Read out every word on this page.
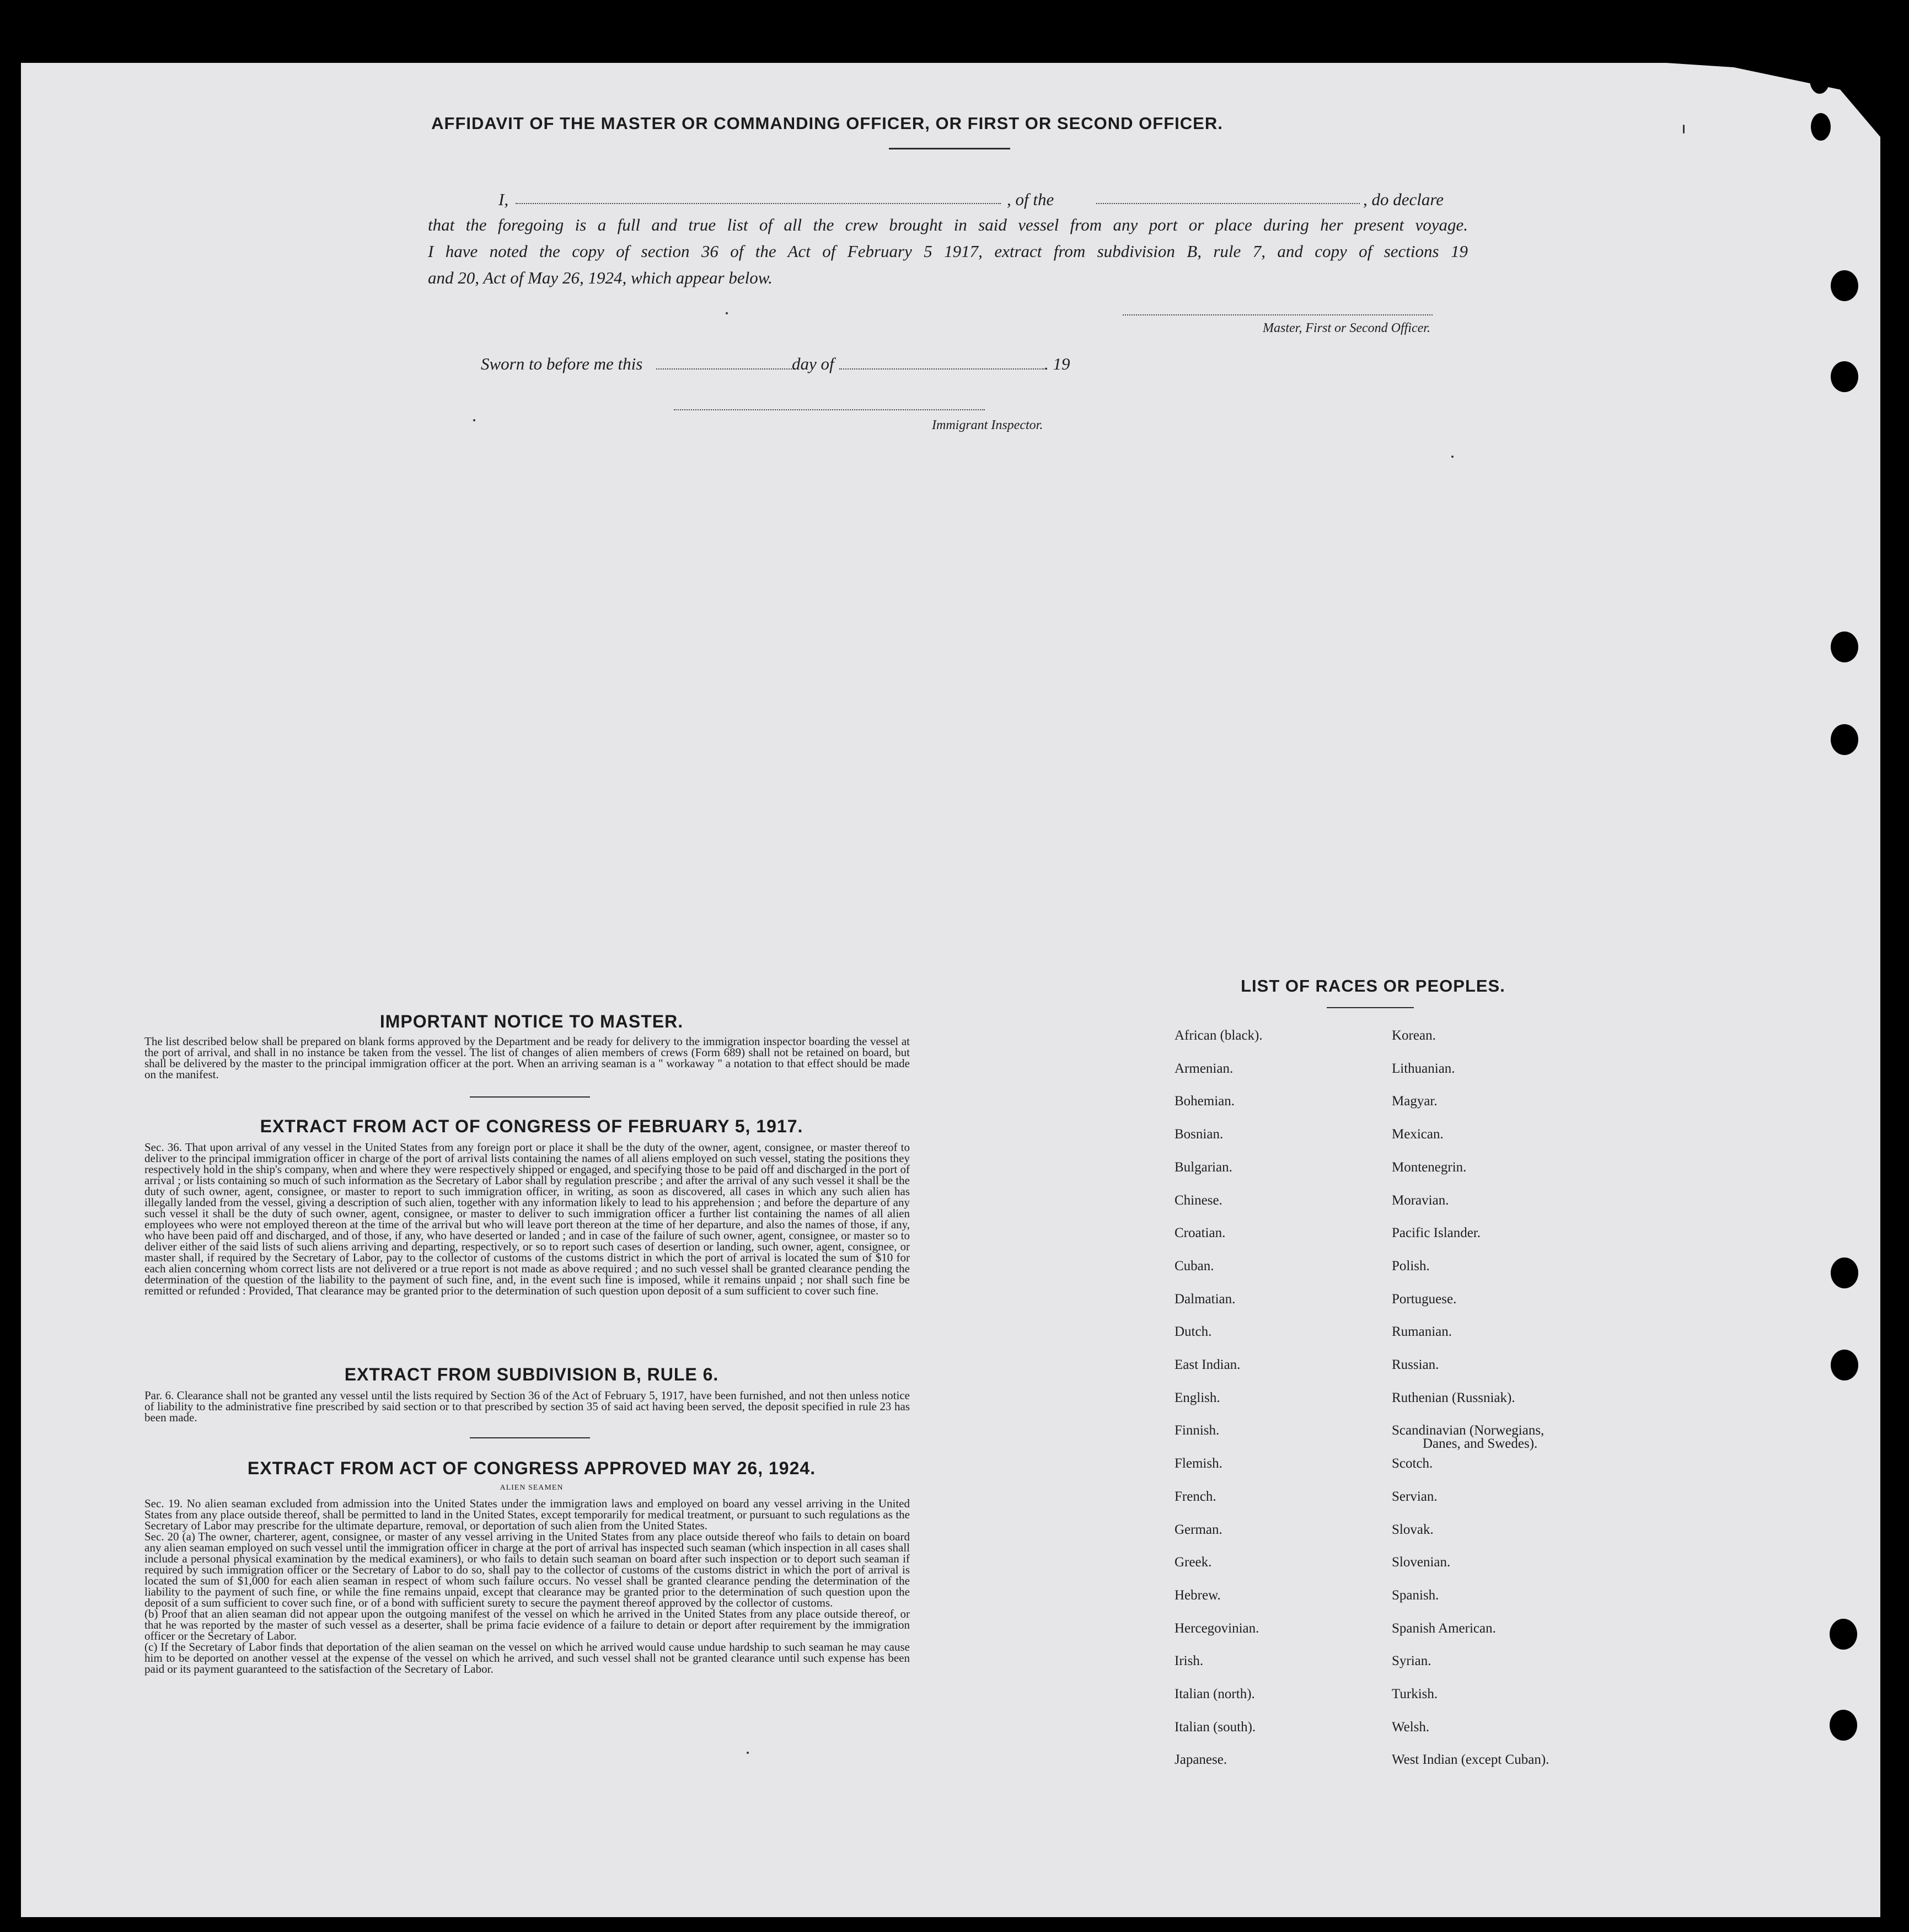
AFFIDAVIT OF THE MASTER OR COMMANDING OFFICER, OR FIRST OR SECOND OFFICER.
I,	, of the	, do declare
that the foregoing is a full and true list of all the crew brought in said vessel from any port or place during her present voyage.
I have noted the copy of section 36 of the Act of February 5 1917, extract from subdivision B, rule 7, and copy of sections 19
and 20, Act of May 26, 1924, which appear below.
Master, First or Second Officer.
Sworn to before me this	day of	. 19
Immigrant Inspector.
IMPORTANT NOTICE TO MASTER.
The list described below shall be prepared on blank forms approved by the Department and be ready for delivery to the immigration inspector boarding the vessel at the port of arrival, and shall in no instance be taken from the vessel. The list of changes of alien members of crews (Form 689) shall not be retained on board, but shall be delivered by the master to the principal immigration officer at the port. When an arriving seaman is a " workaway " a notation to that effect should be made on the manifest.
EXTRACT FROM ACT OF CONGRESS OF FEBRUARY 5, 1917.
Sec. 36. That upon arrival of any vessel in the United States from any foreign port or place it shall be the duty of the owner, agent, consignee, or master thereof to deliver to the principal immigration officer in charge of the port of arrival lists containing the names of all aliens employed on such vessel, stating the positions they respectively hold in the ship's company, when and where they were respectively shipped or engaged, and specifying those to be paid off and discharged in the port of arrival ; or lists containing so much of such information as the Secretary of Labor shall by regulation prescribe ; and after the arrival of any such vessel it shall be the duty of such owner, agent, consignee, or master to report to such immigration officer, in writing, as soon as discovered, all cases in which any such alien has illegally landed from the vessel, giving a description of such alien, together with any information likely to lead to his apprehension ; and before the departure of any such vessel it shall be the duty of such owner, agent, consignee, or master to deliver to such immigration officer a further list containing the names of all alien employees who were not employed thereon at the time of the arrival but who will leave port thereon at the time of her departure, and also the names of those, if any, who have been paid off and discharged, and of those, if any, who have deserted or landed ; and in case of the failure of such owner, agent, consignee, or master so to deliver either of the said lists of such aliens arriving and departing, respectively, or so to report such cases of desertion or landing, such owner, agent, consignee, or master shall, if required by the Secretary of Labor, pay to the collector of customs of the customs district in which the port of arrival is located the sum of $10 for each alien concerning whom correct lists are not delivered or a true report is not made as above required ; and no such vessel shall be granted clearance pending the determination of the question of the liability to the payment of such fine, and, in the event such fine is imposed, while it remains unpaid ; nor shall such fine be remitted or refunded : Provided, That clearance may be granted prior to the determination of such question upon deposit of a sum sufficient to cover such fine.
EXTRACT FROM SUBDIVISION B, RULE 6.
Par. 6. Clearance shall not be granted any vessel until the lists required by Section 36 of the Act of February 5, 1917, have been furnished, and not then unless notice of liability to the administrative fine prescribed by said section or to that prescribed by section 35 of said act having been served, the deposit specified in rule 23 has been made.
EXTRACT FROM ACT OF CONGRESS APPROVED MAY 26, 1924.
ALIEN SEAMEN
Sec. 19. No alien seaman excluded from admission into the United States under the immigration laws and employed on board any vessel arriving in the United States from any place outside thereof, shall be permitted to land in the United States, except temporarily for medical treatment, or pursuant to such regulations as the Secretary of Labor may prescribe for the ultimate departure, removal, or deportation of such alien from the United States.
Sec. 20 (a) The owner, charterer, agent, consignee, or master of any vessel arriving in the United States from any place outside thereof who fails to detain on board any alien seaman employed on such vessel until the immigration officer in charge at the port of arrival has inspected such seaman (which inspection in all cases shall include a personal physical examination by the medical examiners), or who fails to detain such seaman on board after such inspection or to deport such seaman if required by such immigration officer or the Secretary of Labor to do so, shall pay to the collector of customs of the customs district in which the port of arrival is located the sum of $1,000 for each alien seaman in respect of whom such failure occurs. No vessel shall be granted clearance pending the determination of the liability to the payment of such fine, or while the fine remains unpaid, except that clearance may be granted prior to the determination of such question upon the deposit of a sum sufficient to cover such fine, or of a bond with sufficient surety to secure the payment thereof approved by the collector of customs.
(b) Proof that an alien seaman did not appear upon the outgoing manifest of the vessel on which he arrived in the United States from any place outside thereof, or that he was reported by the master of such vessel as a deserter, shall be prima facie evidence of a failure to detain or deport after requirement by the immigration officer or the Secretary of Labor.
(c) If the Secretary of Labor finds that deportation of the alien seaman on the vessel on which he arrived would cause undue hardship to such seaman he may cause him to be deported on another vessel at the expense of the vessel on which he arrived, and such vessel shall not be granted clearance until such expense has been paid or its payment guaranteed to the satisfaction of the Secretary of Labor.
LIST OF RACES OR PEOPLES.
African (black).
Armenian.
Bohemian.
Bosnian.
Bulgarian.
Chinese.
Croatian.
Cuban.
Dalmatian.
Dutch.
East Indian.
English.
Finnish.
Flemish.
French.
German.
Greek.
Hebrew.
Hercegovinian.
Irish.
Italian (north).
Italian (south).
Japanese.
Korean.
Lithuanian.
Magyar.
Mexican.
Montenegrin.
Moravian.
Pacific Islander.
Polish.
Portuguese.
Rumanian.
Russian.
Ruthenian (Russniak).
Scandinavian (Norwegians,
Scotch.
Servian.
Slovak.
Slovenian.
Spanish.
Spanish American.
Syrian.
Turkish.
Welsh.
West Indian (except Cuban).
Danes, and Swedes).
